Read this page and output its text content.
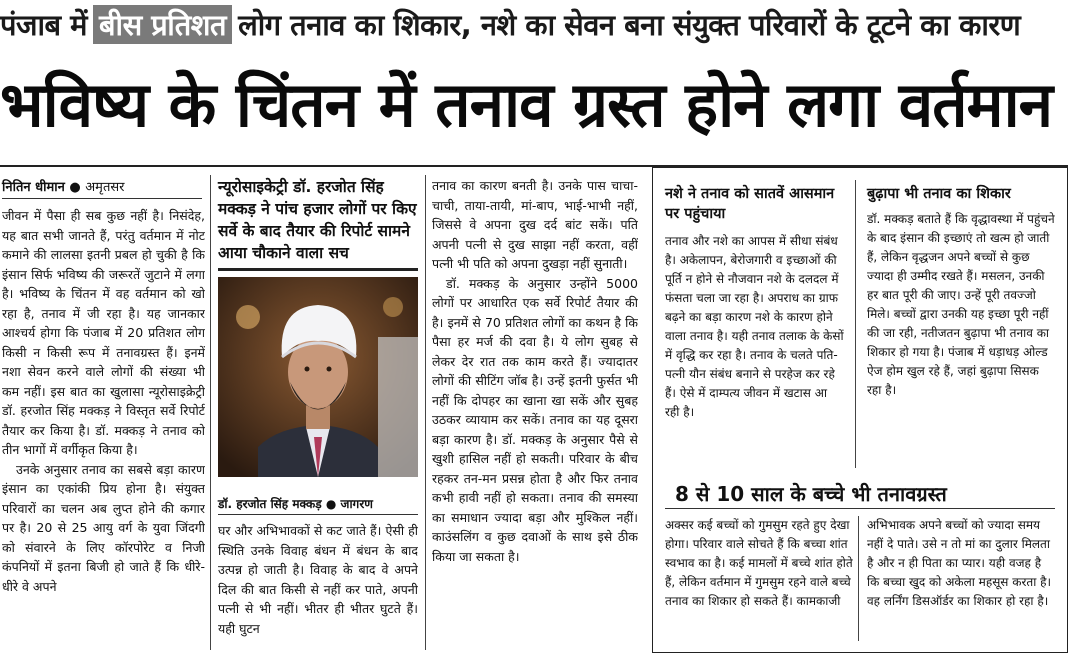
पंजाब में बीस प्रतिशत लोग तनाव का शिकार, नशे का सेवन बना संयुक्त परिवारों के टूटने का कारण
भविष्य के चिंतन में तनाव ग्रस्त होने लगा वर्तमान
नितिन धीमान ● अमृतसर

जीवन में पैसा ही सब कुछ नहीं है। निसंदेह, यह बात सभी जानते हैं, परंतु वर्तमान में नोट कमाने की लालसा इतनी प्रबल हो चुकी है कि इंसान सिर्फ भविष्य की जरूरतें जुटाने में लगा है। भविष्य के चिंतन में वह वर्तमान को खो रहा है, तनाव में जी रहा है। यह जानकार आश्चर्य होगा कि पंजाब में 20 प्रतिशत लोग किसी न किसी रूप में तनावग्रस्त हैं। इनमें नशा सेवन करने वाले लोगों की संख्या भी कम नहीं। इस बात का खुलासा न्यूरोसाइक्रेट्री डॉ. हरजोत सिंह मक्कड़ ने विस्तृत सर्वे रिपोर्ट तैयार कर किया है। डॉ. मक्कड़ ने तनाव को तीन भागों में वर्गीकृत किया है।

उनके अनुसार तनाव का सबसे बड़ा कारण इंसान का एकांकी प्रिय होना है। संयुक्त परिवारों का चलन अब लुप्त होने की कगार पर है। 20 से 25 आयु वर्ग के युवा जिंदगी को संवारने के लिए कॉरपोरेट व निजी कंपनियों में इतना बिजी हो जाते हैं कि धीरे-धीरे वे अपने

न्यूरोसाइकेट्री डॉ. हरजोत सिंह मक्कड़ ने पांच हजार लोगों पर किए सर्वे के बाद तैयार की रिपोर्ट सामने आया चौकाने वाला सच
डॉ. हरजोत सिंह मक्कड़ ● जागरण

घर और अभिभावकों से कट जाते हैं। ऐसी ही स्थिति उनके विवाह बंधन में बंधन के बाद उत्पन्न हो जाती है। विवाह के बाद वे अपने दिल की बात किसी से नहीं कर पाते, अपनी पत्नी से भी नहीं। भीतर ही भीतर घुटते हैं। यही घुटन

तनाव का कारण बनती है। उनके पास चाचा-चाची, ताया-तायी, मां-बाप, भाई-भाभी नहीं, जिससे वे अपना दुख दर्द बांट सकें। पति अपनी पत्नी से दुख साझा नहीं करता, वहीं पत्नी भी पति को अपना दुखड़ा नहीं सुनाती।

डॉ. मक्कड़ के अनुसार उन्होंने 5000 लोगों पर आधारित एक सर्वे रिपोर्ट तैयार की है। इनमें से 70 प्रतिशत लोगों का कथन है कि पैसा हर मर्ज की दवा है। ये लोग सुबह से लेकर देर रात तक काम करते हैं। ज्यादातर लोगों की सीटिंग जॉब है। उन्हें इतनी फुर्सत भी नहीं कि दोपहर का खाना खा सकें और सुबह उठकर व्यायाम कर सकें। तनाव का यह दूसरा बड़ा कारण है। डॉ. मक्कड़ के अनुसार पैसे से खुशी हासिल नहीं हो सकती। परिवार के बीच रहकर तन-मन प्रसन्न होता है और फिर तनाव कभी हावी नहीं हो सकता। तनाव की समस्या का समाधान ज्यादा बड़ा और मुश्किल नहीं। काउंसलिंग व कुछ दवाओं के साथ इसे ठीक किया जा सकता है।

नशे ने तनाव को सातवें आसमान पर पहुंचाया
तनाव और नशे का आपस में सीधा संबंध है। अकेलापन, बेरोजगारी व इच्छाओं की पूर्ति न होने से नौजवान नशे के दलदल में फंसता चला जा रहा है। अपराध का ग्राफ बढ़ने का बड़ा कारण नशे के कारण होने वाला तनाव है। यही तनाव तलाक के केसों में वृद्धि कर रहा है। तनाव के चलते पति-पत्नी यौन संबंध बनाने से परहेज कर रहे हैं। ऐसे में दाम्पत्य जीवन में खटास आ रही है।
बुढ़ापा भी तनाव का शिकार
डॉ. मक्कड़ बताते हैं कि वृद्धावस्था में पहुंचने के बाद इंसान की इच्छाएं तो खत्म हो जाती हैं, लेकिन वृद्धजन अपने बच्चों से कुछ ज्यादा ही उम्मीद रखते हैं। मसलन, उनकी हर बात पूरी की जाए। उन्हें पूरी तवज्जो मिले। बच्चों द्वारा उनकी यह इच्छा पूरी नहीं की जा रही, नतीजतन बुढ़ापा भी तनाव का शिकार हो गया है। पंजाब में धड़ाधड़ ओल्ड ऐज होम खुल रहे हैं, जहां बुढ़ापा सिसक रहा है।
8 से 10 साल के बच्चे भी तनावग्रस्त
अक्सर कई बच्चों को गुमसुम रहते हुए देखा होगा। परिवार वाले सोचते हैं कि बच्चा शांत स्वभाव का है। कई मामलों में बच्चे शांत होते हैं, लेकिन वर्तमान में गुमसुम रहने वाले बच्चे तनाव का शिकार हो सकते हैं। कामकाजी
अभिभावक अपने बच्चों को ज्यादा समय नहीं दे पाते। उसे न तो मां का दुलार मिलता है और न ही पिता का प्यार। यही वजह है कि बच्चा खुद को अकेला महसूस करता है। वह लर्निंग डिसऑर्डर का शिकार हो रहा है।
